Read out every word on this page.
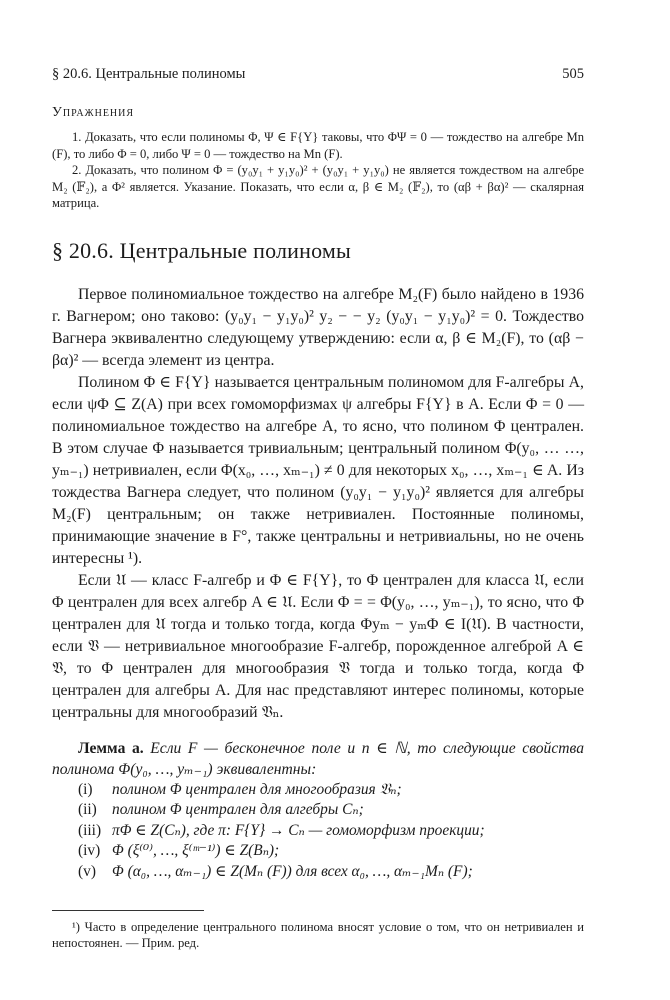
§ 20.6. Центральные полиномы	505
Упражнения

1. Доказать, что если полиномы Φ, Ψ ∈ F{Y} таковы, что ΦΨ = 0 — тождество на алгебре Mn (F), то либо Φ = 0, либо Ψ = 0 — тождество на Mn (F).

2. Доказать, что полином Φ = (y₀y₁ + y₁y₀)² + (y₀y₁ + y₁y₀) не является тождеством на алгебре M₂ (𝔽₂), а Φ² является. Указание. Показать, что если α, β ∈ M₂ (𝔽₂), то (αβ + βα)² — скалярная матрица.

§ 20.6. Центральные полиномы

Первое полиномиальное тождество на алгебре M₂(F) было найдено в 1936 г. Вагнером; оно таково: (y₀y₁ − y₁y₀)² y₂ − − y₂ (y₀y₁ − y₁y₀)² = 0. Тождество Вагнера эквивалентно следующему утверждению: если α, β ∈ M₂(F), то (αβ − βα)² — всегда элемент из центра.

Полином Φ ∈ F{Y} называется центральным полиномом для F-алгебры A, если ψΦ ⊆ Z(A) при всех гомоморфизмах ψ алгебры F{Y} в A. Если Φ = 0 — полиномиальное тождество на алгебре A, то ясно, что полином Φ централен. В этом случае Φ называется тривиальным; центральный полином Φ(y₀, … …, yₘ₋₁) нетривиален, если Φ(x₀, …, xₘ₋₁) ≠ 0 для некоторых x₀, …, xₘ₋₁ ∈ A. Из тождества Вагнера следует, что полином (y₀y₁ − y₁y₀)² является для алгебры M₂(F) центральным; он также нетривиален. Постоянные полиномы, принимающие значение в F°, также центральны и нетривиальны, но не очень интересны ¹).

Если 𝔘 — класс F-алгебр и Φ ∈ F{Y}, то Φ централен для класса 𝔘, если Φ централен для всех алгебр A ∈ 𝔘. Если Φ = = Φ(y₀, …, yₘ₋₁), то ясно, что Φ централен для 𝔘 тогда и только тогда, когда Φyₘ − yₘΦ ∈ I(𝔘). В частности, если 𝔙 — нетривиальное многообразие F-алгебр, порожденное алгеброй A ∈ 𝔙, то Φ централен для многообразия 𝔙 тогда и только тогда, когда Φ централен для алгебры A. Для нас представляют интерес полиномы, которые центральны для многообразий 𝔙ₙ.

Лемма а. Если F — бесконечное поле и n ∈ ℕ, то следующие свойства полинома Φ(y₀, …, yₘ₋₁) эквивалентны:
(i) полином Φ централен для многообразия 𝔙ₙ;
(ii) полином Φ централен для алгебры Cₙ;
(iii) πΦ ∈ Z(Cₙ), где π: F{Y} → Cₙ — гомоморфизм проекции;
(iv) Φ (ξ⁽⁰⁾, …, ξ⁽ᵐ⁻¹⁾) ∈ Z(Bₙ);
(v) Φ (α₀, …, αₘ₋₁) ∈ Z(Mₙ (F)) для всех α₀, …, αₘ₋₁Mₙ (F);

¹) Часто в определение центрального полинома вносят условие о том, что он нетривиален и непостоянен. — Прим. ред.
